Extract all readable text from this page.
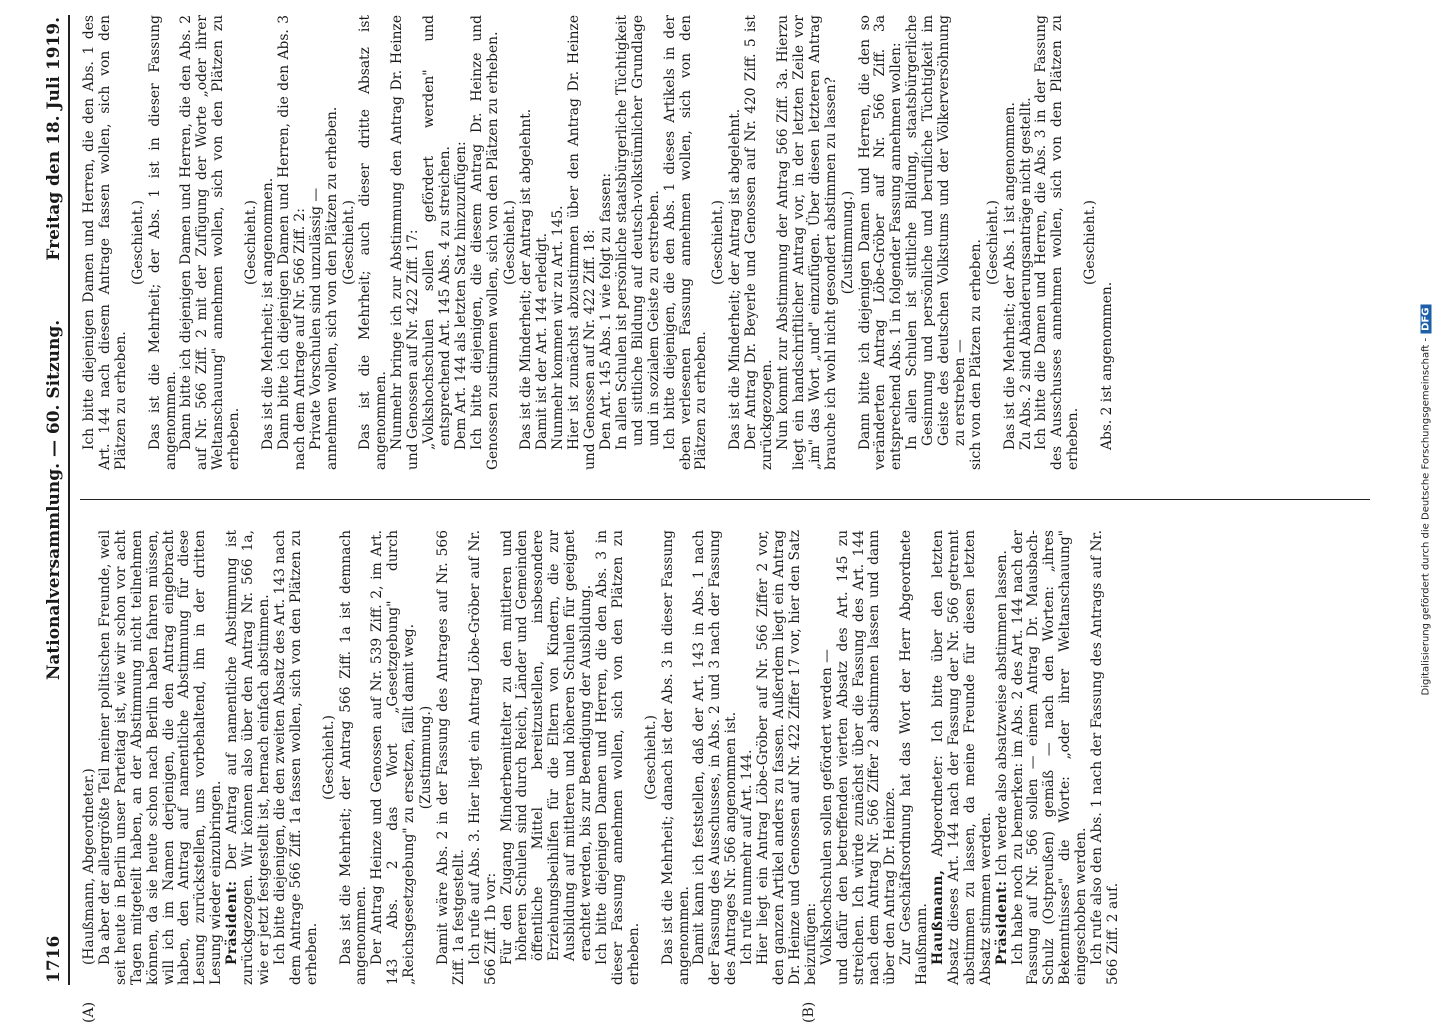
1716
Nationalversammlung. — 60. Sitzung.
Freitag den 18. Juli 1919.
(A)	(B)

(Haußmann, Abgeordneter.) Da aber der allergrößte Teil meiner politischen Freunde, weil seit heute in Berlin unser Parteitag ist, wie wir schon vor acht Tagen mitgeteilt haben, an der Abstimmung nicht teilnehmen können, da sie heute schon nach Berlin haben fahren müssen, will ich im Namen derjenigen, die den Antrag eingebracht haben, den Antrag auf namentliche Abstimmung für diese Lesung zurückstellen, uns vorbehaltend, ihn in der dritten Lesung wieder einzubringen. Präsident: Der Antrag auf namentliche Abstimmung ist zurückgezogen. Wir können also über den Antrag Nr. 566 1a, wie er jetzt festgestellt ist, hernach einfach abstimmen. Ich bitte diejenigen, die den zweiten Absatz des Art. 143 nach dem Antrage 566 Ziff. 1a fassen wollen, sich von den Plätzen zu erheben.

(Geschieht.) Das ist die Mehrheit; der Antrag 566 Ziff. 1a ist demnach angenommen. Der Antrag Heinze und Genossen auf Nr. 539 Ziff. 2, im Art. 143 Abs. 2 das Wort „Gesetzgebung" durch „Reichsgesetzgebung" zu ersetzen, fällt damit weg. (Zustimmung.) Damit wäre Abs. 2 in der Fassung des Antrages auf Nr. 566 Ziff. 1a festgestellt. Ich rufe auf Abs. 3. Hier liegt ein Antrag Löbe-Gröber auf Nr. 566 Ziff. 1b vor: Für den Zugang Minderbemittelter zu den mittleren und höheren Schulen sind durch Reich, Länder und Gemeinden öffentliche Mittel bereitzustellen, insbesondere Erziehungsbeihilfen für die Eltern von Kindern, die zur Ausbildung auf mittleren und höheren Schulen für geeignet erachtet werden, bis zur Beendigung der Ausbildung. Ich bitte diejenigen Damen und Herren, die den Abs. 3 in dieser Fassung annehmen wollen, sich von den Plätzen zu erheben.

(Geschieht.) Das ist die Mehrheit; danach ist der Abs. 3 in dieser Fassung angenommen. Damit kann ich feststellen, daß der Art. 143 in Abs. 1 nach der Fassung des Ausschusses, in Abs. 2 und 3 nach der Fassung des Antrages Nr. 566 angenommen ist. Ich rufe nunmehr auf Art. 144. Hier liegt ein Antrag Löbe-Gröber auf Nr. 566 Ziffer 2 vor, den ganzen Artikel anders zu fassen. Außerdem liegt ein Antrag Dr. Heinze und Genossen auf Nr. 422 Ziffer 17 vor, hier den Satz beizufügen: Volkshochschulen sollen gefördert werden — und dafür den betreffenden vierten Absatz des Art. 145 zu streichen. Ich würde zunächst über die Fassung des Art. 144 nach dem Antrag Nr. 566 Ziffer 2 abstimmen lassen und dann über den Antrag Dr. Heinze. Zur Geschäftsordnung hat das Wort der Herr Abgeordnete Haußmann. Haußmann, Abgeordneter: Ich bitte über den letzten Absatz dieses Art. 144 nach der Fassung der Nr. 566 getrennt abstimmen zu lassen, da meine Freunde für diesen letzten Absatz stimmen werden. Präsident: Ich werde also absatzweise abstimmen lassen. Ich habe noch zu bemerken: im Abs. 2 des Art. 144 nach der Fassung auf Nr. 566 sollen — einem Antrag Dr. Mausbach-Schulz (Ostpreußen) gemäß — nach den Worten: „ihres Bekenntnisses" die Worte: „oder ihrer Weltanschauung" eingeschoben werden. Ich rufe also den Abs. 1 nach der Fassung des Antrags auf Nr. 566 Ziff. 2 auf.

Ich bitte diejenigen Damen und Herren, die den Abs. 1 des Art. 144 nach diesem Antrage fassen wollen, sich von den Plätzen zu erheben.

(Geschieht.) Das ist die Mehrheit; der Abs. 1 ist in dieser Fassung angenommen. Dann bitte ich diejenigen Damen und Herren, die den Abs. 2 auf Nr. 566 Ziff. 2 mit der Zufügung der Worte „oder ihrer Weltanschauung" annehmen wollen, sich von den Plätzen zu erheben.

(Geschieht.) Das ist die Mehrheit; ist angenommen. Dann bitte ich diejenigen Damen und Herren, die den Abs. 3 nach dem Antrage auf Nr. 566 Ziff. 2: Private Vorschulen sind unzulässig — annehmen wollen, sich von den Plätzen zu erheben. (Geschieht.) Das ist die Mehrheit; auch dieser dritte Absatz ist angenommen. Nunmehr bringe ich zur Abstimmung den Antrag Dr. Heinze und Genossen auf Nr. 422 Ziff. 17: „Volkshochschulen sollen gefördert werden" und entsprechend Art. 145 Abs. 4 zu streichen. Dem Art. 144 als letzten Satz hinzuzufügen: Ich bitte diejenigen, die diesem Antrag Dr. Heinze und Genossen zustimmen wollen, sich von den Plätzen zu erheben. (Geschieht.) Das ist die Minderheit; der Antrag ist abgelehnt. Damit ist der Art. 144 erledigt. Nunmehr kommen wir zu Art. 145. Hier ist zunächst abzustimmen über den Antrag Dr. Heinze und Genossen auf Nr. 422 Ziff. 18: Den Art. 145 Abs. 1 wie folgt zu fassen: In allen Schulen ist persönliche staatsbürgerliche Tüchtigkeit und sittliche Bildung auf deutsch-volkstümlicher Grundlage und in sozialem Geiste zu erstreben. Ich bitte diejenigen, die den Abs. 1 dieses Artikels in der eben verlesenen Fassung annehmen wollen, sich von den Plätzen zu erheben.

(Geschieht.) Das ist die Minderheit; der Antrag ist abgelehnt. Der Antrag Dr. Beyerle und Genossen auf Nr. 420 Ziff. 5 ist zurückgezogen. Nun kommt zur Abstimmung der Antrag 566 Ziff. 3a. Hierzu liegt ein handschriftlicher Antrag vor, in der letzten Zeile vor „im" das Wort „und" einzufügen. Über diesen letzteren Antrag brauche ich wohl nicht gesondert abstimmen zu lassen? (Zustimmung.) Dann bitte ich diejenigen Damen und Herren, die den so veränderten Antrag Löbe-Gröber auf Nr. 566 Ziff. 3a entsprechend Abs. 1 in folgender Fassung annehmen wollen: In allen Schulen ist sittliche Bildung, staatsbürgerliche Gesinnung und persönliche und berufliche Tüchtigkeit im Geiste des deutschen Volkstums und der Völkerversöhnung zu erstreben — sich von den Plätzen zu erheben. (Geschieht.) Das ist die Mehrheit; der Abs. 1 ist angenommen. Zu Abs. 2 sind Abänderungsanträge nicht gestellt. Ich bitte die Damen und Herren, die Abs. 3 in der Fassung des Ausschusses annehmen wollen, sich von den Plätzen zu erheben.

(Geschieht.)

Abs. 2 ist angenommen.	Digitalisierung gefördert durch die Deutsche Forschungsgemeinschaft -DFG
